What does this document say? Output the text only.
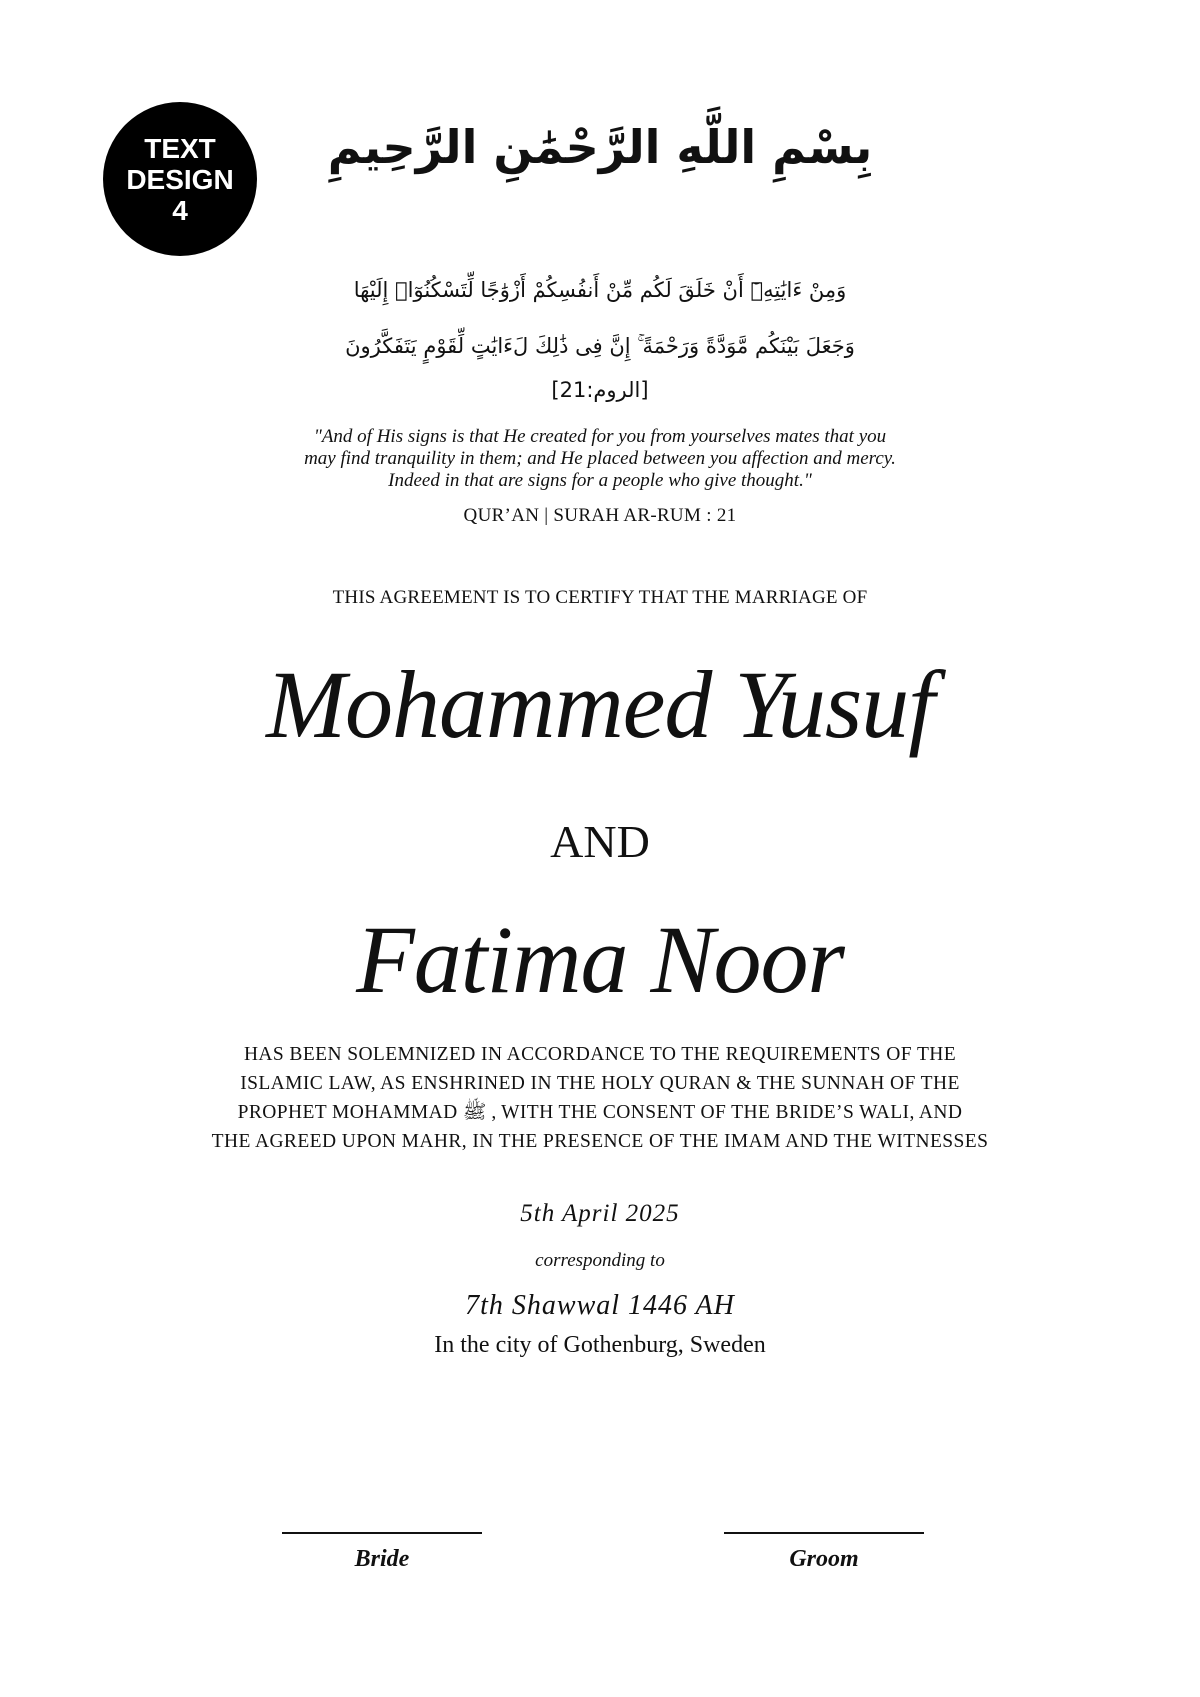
TEXT
DESIGN
4
بِسْمِ اللَّهِ الرَّحْمَٰنِ الرَّحِيمِ
وَمِنْ ءَايَٰتِهِۦٓ أَنْ خَلَقَ لَكُم مِّنْ أَنفُسِكُمْ أَزْوَٰجًا لِّتَسْكُنُوٓا۟ إِلَيْهَا
وَجَعَلَ بَيْنَكُم مَّوَدَّةً وَرَحْمَةً ۚ إِنَّ فِى ذَٰلِكَ لَءَايَٰتٍ لِّقَوْمٍ يَتَفَكَّرُونَ
[الروم:21]
"And of His signs is that He created for you from yourselves mates that you
may find tranquility in them; and He placed between you affection and mercy.
Indeed in that are signs for a people who give thought."
QUR’AN | SURAH AR-RUM : 21
THIS AGREEMENT IS TO CERTIFY THAT THE MARRIAGE OF
Mohammed Yusuf
AND
Fatima Noor
HAS BEEN SOLEMNIZED IN ACCORDANCE TO THE REQUIREMENTS OF THE
ISLAMIC LAW, AS ENSHRINED IN THE HOLY QURAN & THE SUNNAH OF THE
PROPHET MOHAMMAD ﷺ , WITH THE CONSENT OF THE BRIDE’S WALI, AND
THE AGREED UPON MAHR, IN THE PRESENCE OF THE IMAM AND THE WITNESSES
5th April 2025
corresponding to
7th Shawwal 1446 AH
In the city of Gothenburg, Sweden
Bride	Groom
